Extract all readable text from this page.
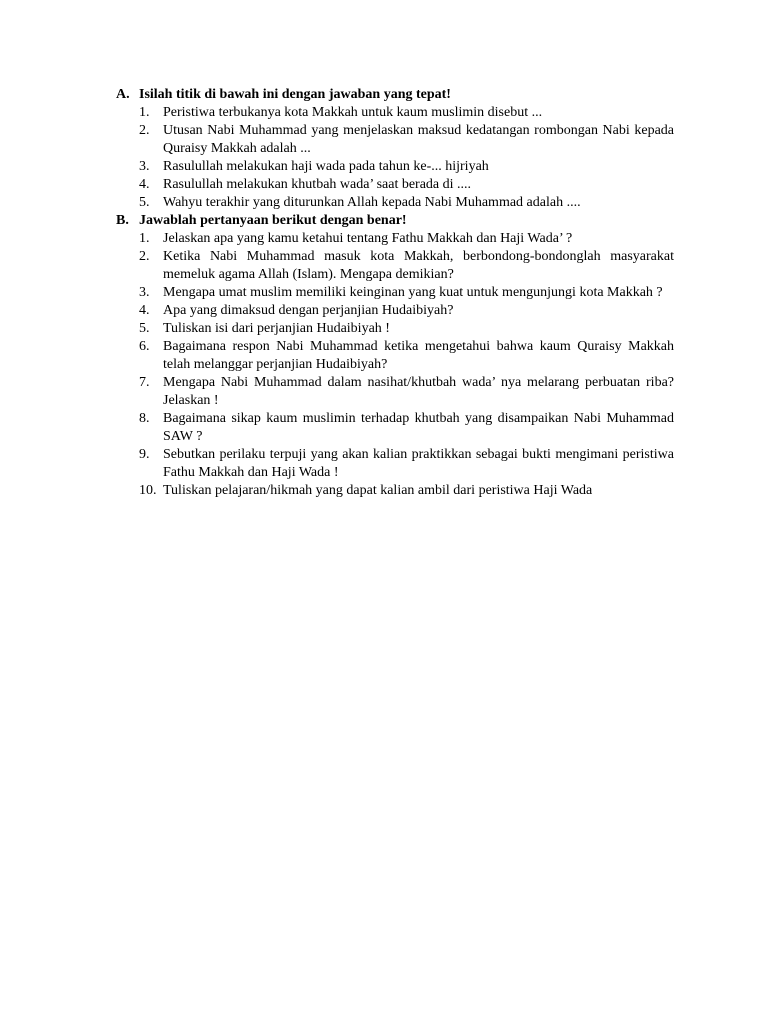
A. Isilah titik di bawah ini dengan jawaban yang tepat!
1. Peristiwa terbukanya kota Makkah untuk kaum muslimin disebut ...
2. Utusan Nabi Muhammad yang menjelaskan maksud kedatangan rombongan Nabi kepada Quraisy Makkah adalah ...
3. Rasulullah melakukan haji wada pada tahun ke-... hijriyah
4. Rasulullah melakukan khutbah wada’ saat berada di ....
5. Wahyu terakhir yang diturunkan Allah kepada Nabi Muhammad adalah ....
B. Jawablah pertanyaan berikut dengan benar!
1. Jelaskan apa yang kamu ketahui tentang Fathu Makkah dan Haji Wada’ ?
2. Ketika Nabi Muhammad masuk kota Makkah, berbondong-bondonglah masyarakat memeluk agama Allah (Islam). Mengapa demikian?
3. Mengapa umat muslim memiliki keinginan yang kuat untuk mengunjungi kota Makkah ?
4. Apa yang dimaksud dengan perjanjian Hudaibiyah?
5. Tuliskan isi dari perjanjian Hudaibiyah !
6. Bagaimana respon Nabi Muhammad ketika mengetahui bahwa kaum Quraisy Makkah telah melanggar perjanjian Hudaibiyah?
7. Mengapa Nabi Muhammad dalam nasihat/khutbah wada’ nya melarang perbuatan riba? Jelaskan !
8. Bagaimana sikap kaum muslimin terhadap khutbah yang disampaikan Nabi Muhammad SAW ?
9. Sebutkan perilaku terpuji yang akan kalian praktikkan sebagai bukti mengimani peristiwa Fathu Makkah dan Haji Wada !
10. Tuliskan pelajaran/hikmah yang dapat kalian ambil dari peristiwa Haji Wada
